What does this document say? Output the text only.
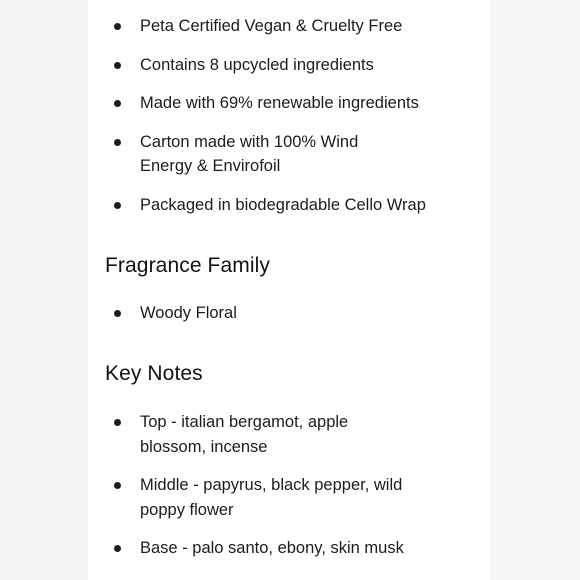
Peta Certified Vegan & Cruelty Free
Contains 8 upcycled ingredients
Made with 69% renewable ingredients
Carton made with 100% Wind Energy & Envirofoil
Packaged in biodegradable Cello Wrap
Fragrance Family
Woody Floral
Key Notes
Top - italian bergamot, apple blossom, incense
Middle - papyrus, black pepper, wild poppy flower
Base - palo santo, ebony, skin musk
